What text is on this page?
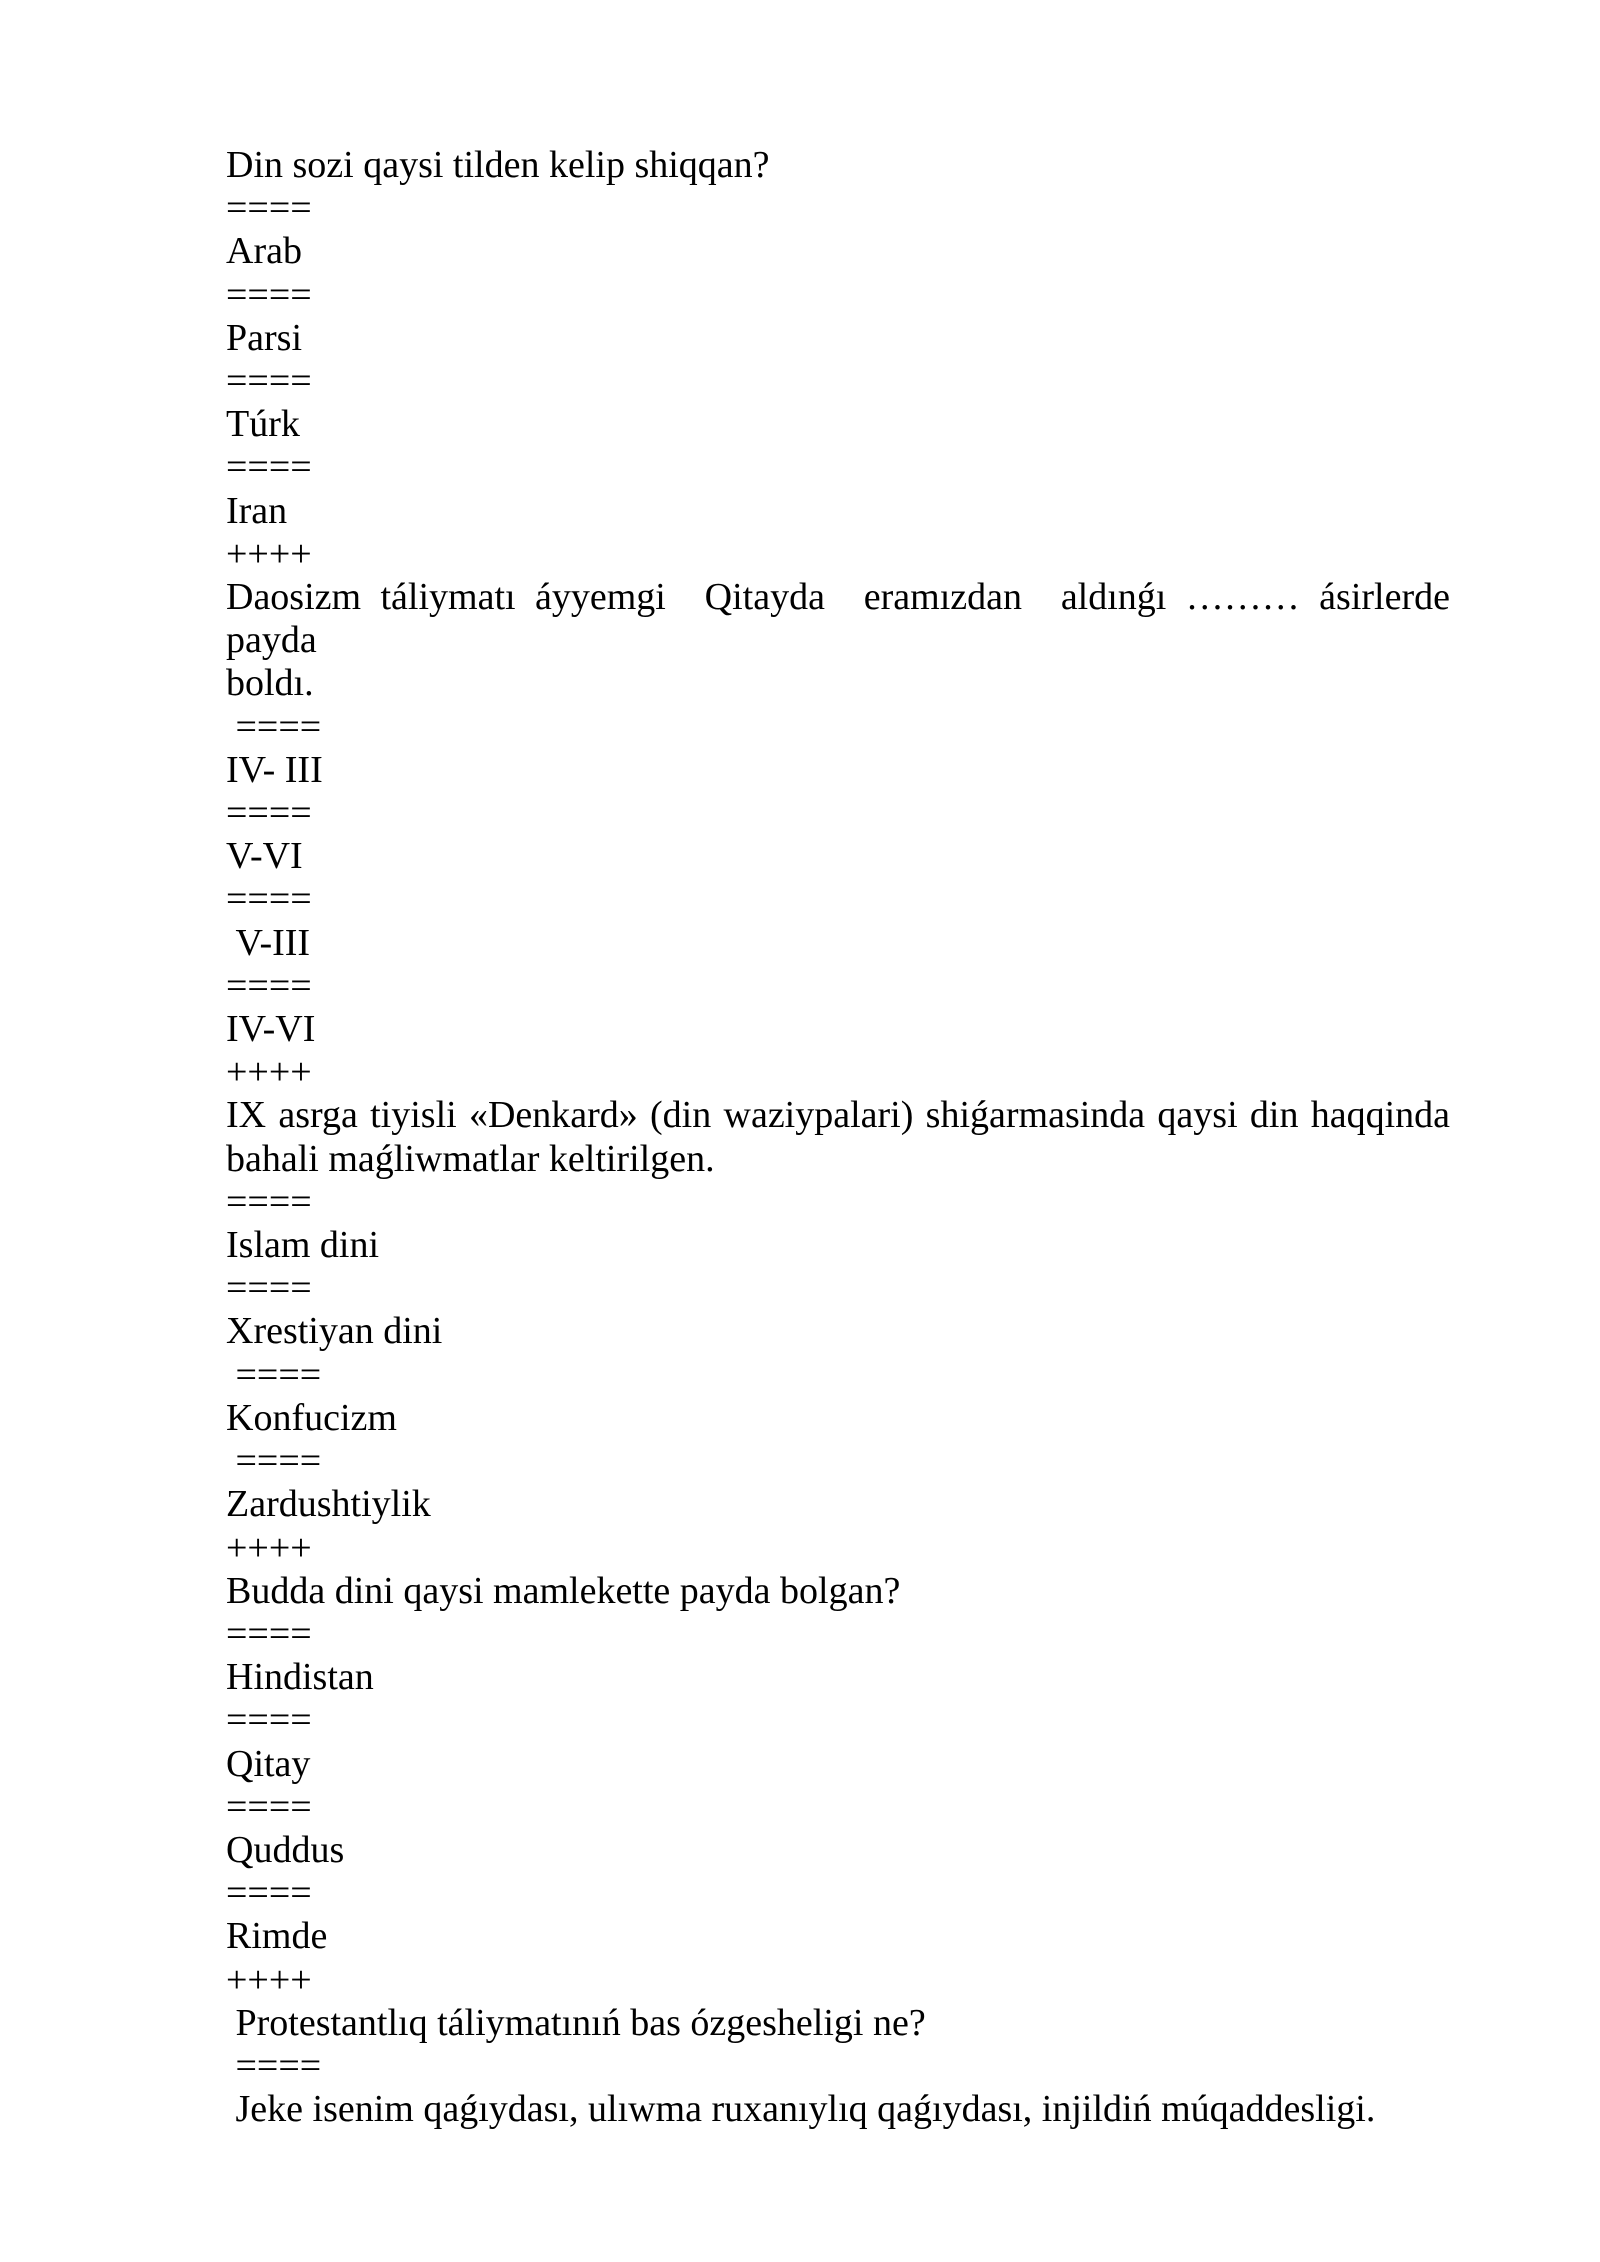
Din sozi qaysi tilden kelip shiqqan?
====
Arab
====
Parsi
====
Túrk
====
Iran
++++
Daosizm táliymatı áyyemgi  Qitayda  eramızdan  aldınǵı ……… ásirlerde  payda
boldı.
====
IV- III
====
V-VI
====
V-III
====
IV-VI
++++
IX asrga tiyisli «Denkard» (din waziypalari) shiǵarmasinda qaysi din haqqinda
bahali maǵliwmatlar keltirilgen.
====
Islam dini
====
Xrestiyan dini
====
Konfucizm
====
Zardushtiylik
++++
Budda dini qaysi mamlekette payda bolgan?
====
Hindistan
====
Qitay
====
Quddus
====
Rimde
++++
Protestantlıq táliymatınıń bas ózgesheligi ne?
====
Jeke isenim qaǵıydası, ulıwma ruxanıylıq qaǵıydası, injildiń múqaddesligi.
